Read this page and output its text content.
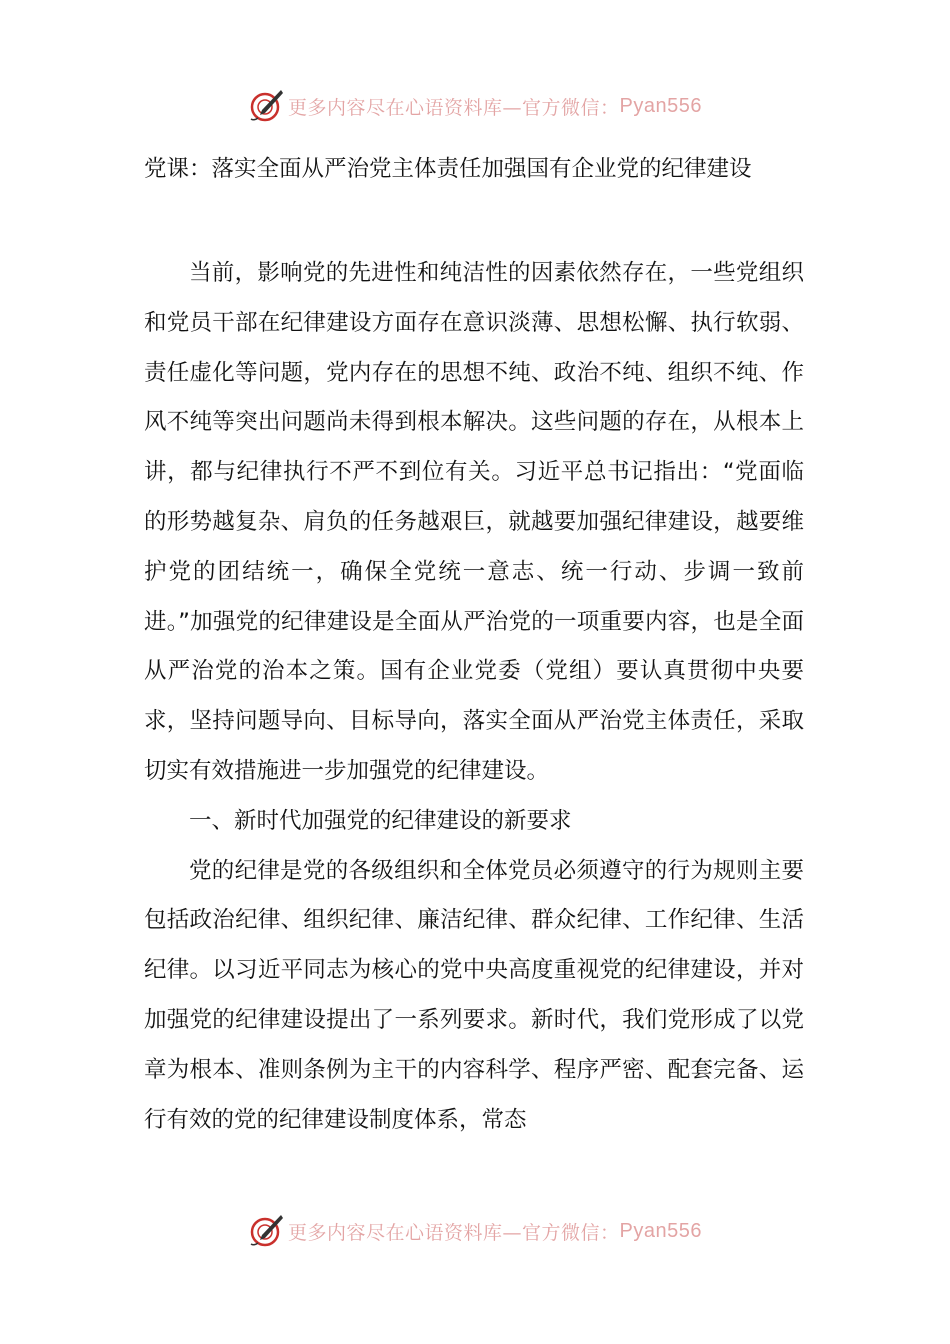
更多内容尽在心语资料库—官方微信： Pyan556
党课：落实全面从严治党主体责任加强国有企业党的纪律建设

当前，影响党的先进性和纯洁性的因素依然存在，一些党组织和党员干部在纪律建设方面存在意识淡薄、思想松懈、执行软弱、责任虚化等问题，党内存在的思想不纯、政治不纯、组织不纯、作风不纯等突出问题尚未得到根本解决。这些问题的存在，从根本上讲，都与纪律执行不严不到位有关。习近平总书记指出：“党面临的形势越复杂、肩负的任务越艰巨，就越要加强纪律建设，越要维护党的团结统一，确保全党统一意志、统一行动、步调一致前进。”加强党的纪律建设是全面从严治党的一项重要内容，也是全面从严治党的治本之策。国有企业党委（党组）要认真贯彻中央要求，坚持问题导向、目标导向，落实全面从严治党主体责任，采取切实有效措施进一步加强党的纪律建设。

一、新时代加强党的纪律建设的新要求

党的纪律是党的各级组织和全体党员必须遵守的行为规则主要包括政治纪律、组织纪律、廉洁纪律、群众纪律、工作纪律、生活纪律。以习近平同志为核心的党中央高度重视党的纪律建设，并对加强党的纪律建设提出了一系列要求。新时代，我们党形成了以党章为根本、准则条例为主干的内容科学、程序严密、配套完备、运行有效的党的纪律建设制度体系，常态

更多内容尽在心语资料库—官方微信： Pyan556
